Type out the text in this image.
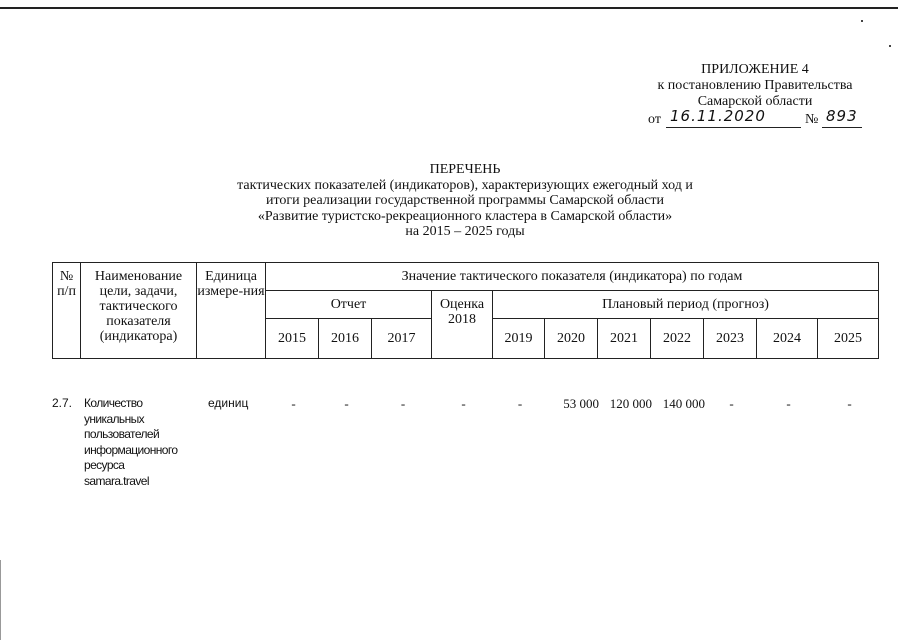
ПРИЛОЖЕНИЕ 4
к постановлению Правительства
Самарской области
от 16.11.2020	№ 893
ПЕРЕЧЕНЬ
тактических показателей (индикаторов), характеризующих ежегодный ход и
итоги реализации государственной программы Самарской области
«Развитие туристско-рекреационного кластера в Самарской области»
на 2015 – 2025 годы
№ п/п	Наименование цели, задачи, тактического показателя (индикатора)	Единица измере-ния	Значение тактического показателя (индикатора) по годам										
			Отчет			Оценка 2018	Плановый период (прогноз)						
			2015	2016	2017		2019	2020	2021	2022	2023	2024	2025
2.7.	Количество
уникальных
пользователей
информационного
ресурса
samara.travel
	единиц	-	-	-	-	-	53 000	120 000	140 000	-	-	-
